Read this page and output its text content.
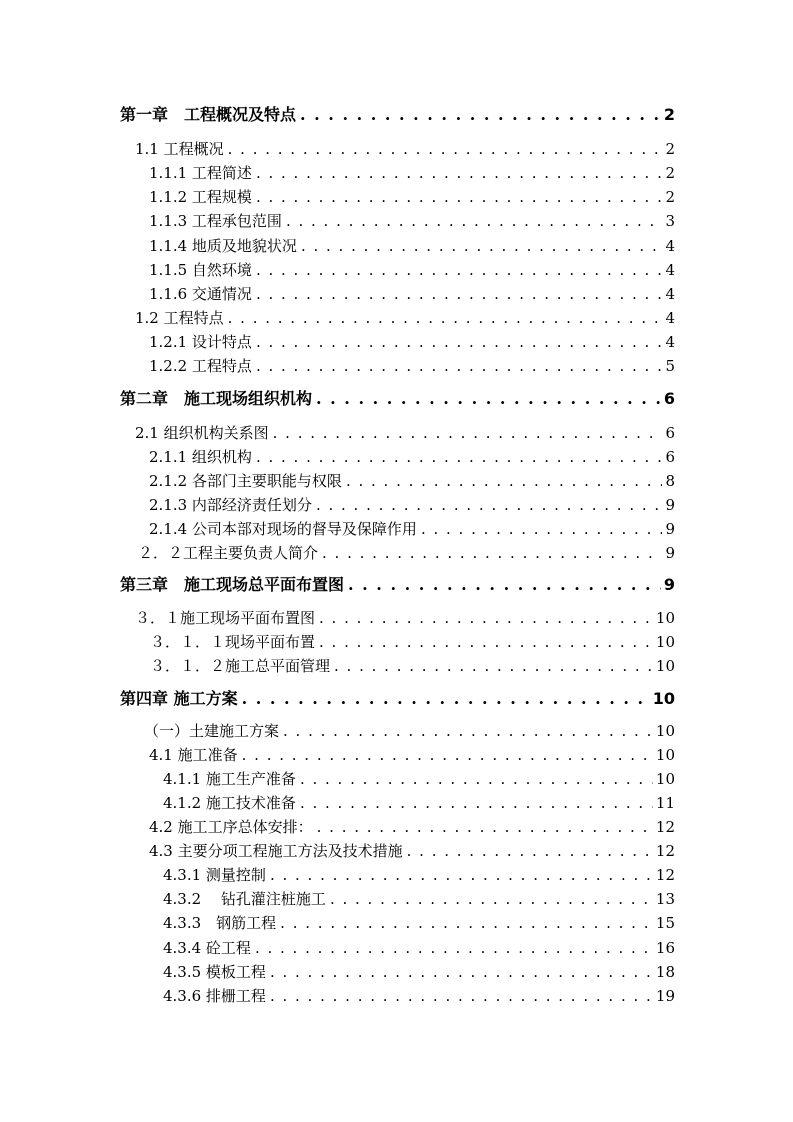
第一章　工程概况及特点 . . .	2
1.1 工程概况 . . .	2
1.1.1 工程简述 . . .	2
1.1.2 工程规模 . . .	2
1.1.3 工程承包范围 . . .	3
1.1.4 地质及地貌状况 . . .	4
1.1.5 自然环境 . . .	4
1.1.6 交通情况 . . .	4
1.2 工程特点 . . .	4
1.2.1 设计特点 . . .	4
1.2.2 工程特点 . . .	5
第二章　施工现场组织机构 . . .	6
2.1 组织机构关系图 . . .	6
2.1.1 组织机构 . . .	6
2.1.2 各部门主要职能与权限 . . .	8
2.1.3 内部经济责任划分 . . .	9
2.1.4 公司本部对现场的督导及保障作用 . . .	9
２．２工程主要负责人简介 . . .	9
第三章　施工现场总平面布置图 . . .	9
３．１施工现场平面布置图 . . .	10
３．１．１现场平面布置 . . .	10
３．１．２施工总平面管理 . . .	10
第四章 施工方案 . . .	10
（一）土建施工方案 . . .	10
4.1 施工准备 . . .	10
4.1.1 施工生产准备 . . .	10
4.1.2 施工技术准备 . . .	11
4.2 施工工序总体安排： . . .	12
4.3 主要分项工程施工方法及技术措施 . . .	12
4.3.1 测量控制 . . .	12
4.3.2　 钻孔灌注桩施工 . . .	13
4.3.3　钢筋工程 . . .	15
4.3.4 砼工程 . . .	16
4.3.5 模板工程 . . .	18
4.3.6 排栅工程 . . .	19
